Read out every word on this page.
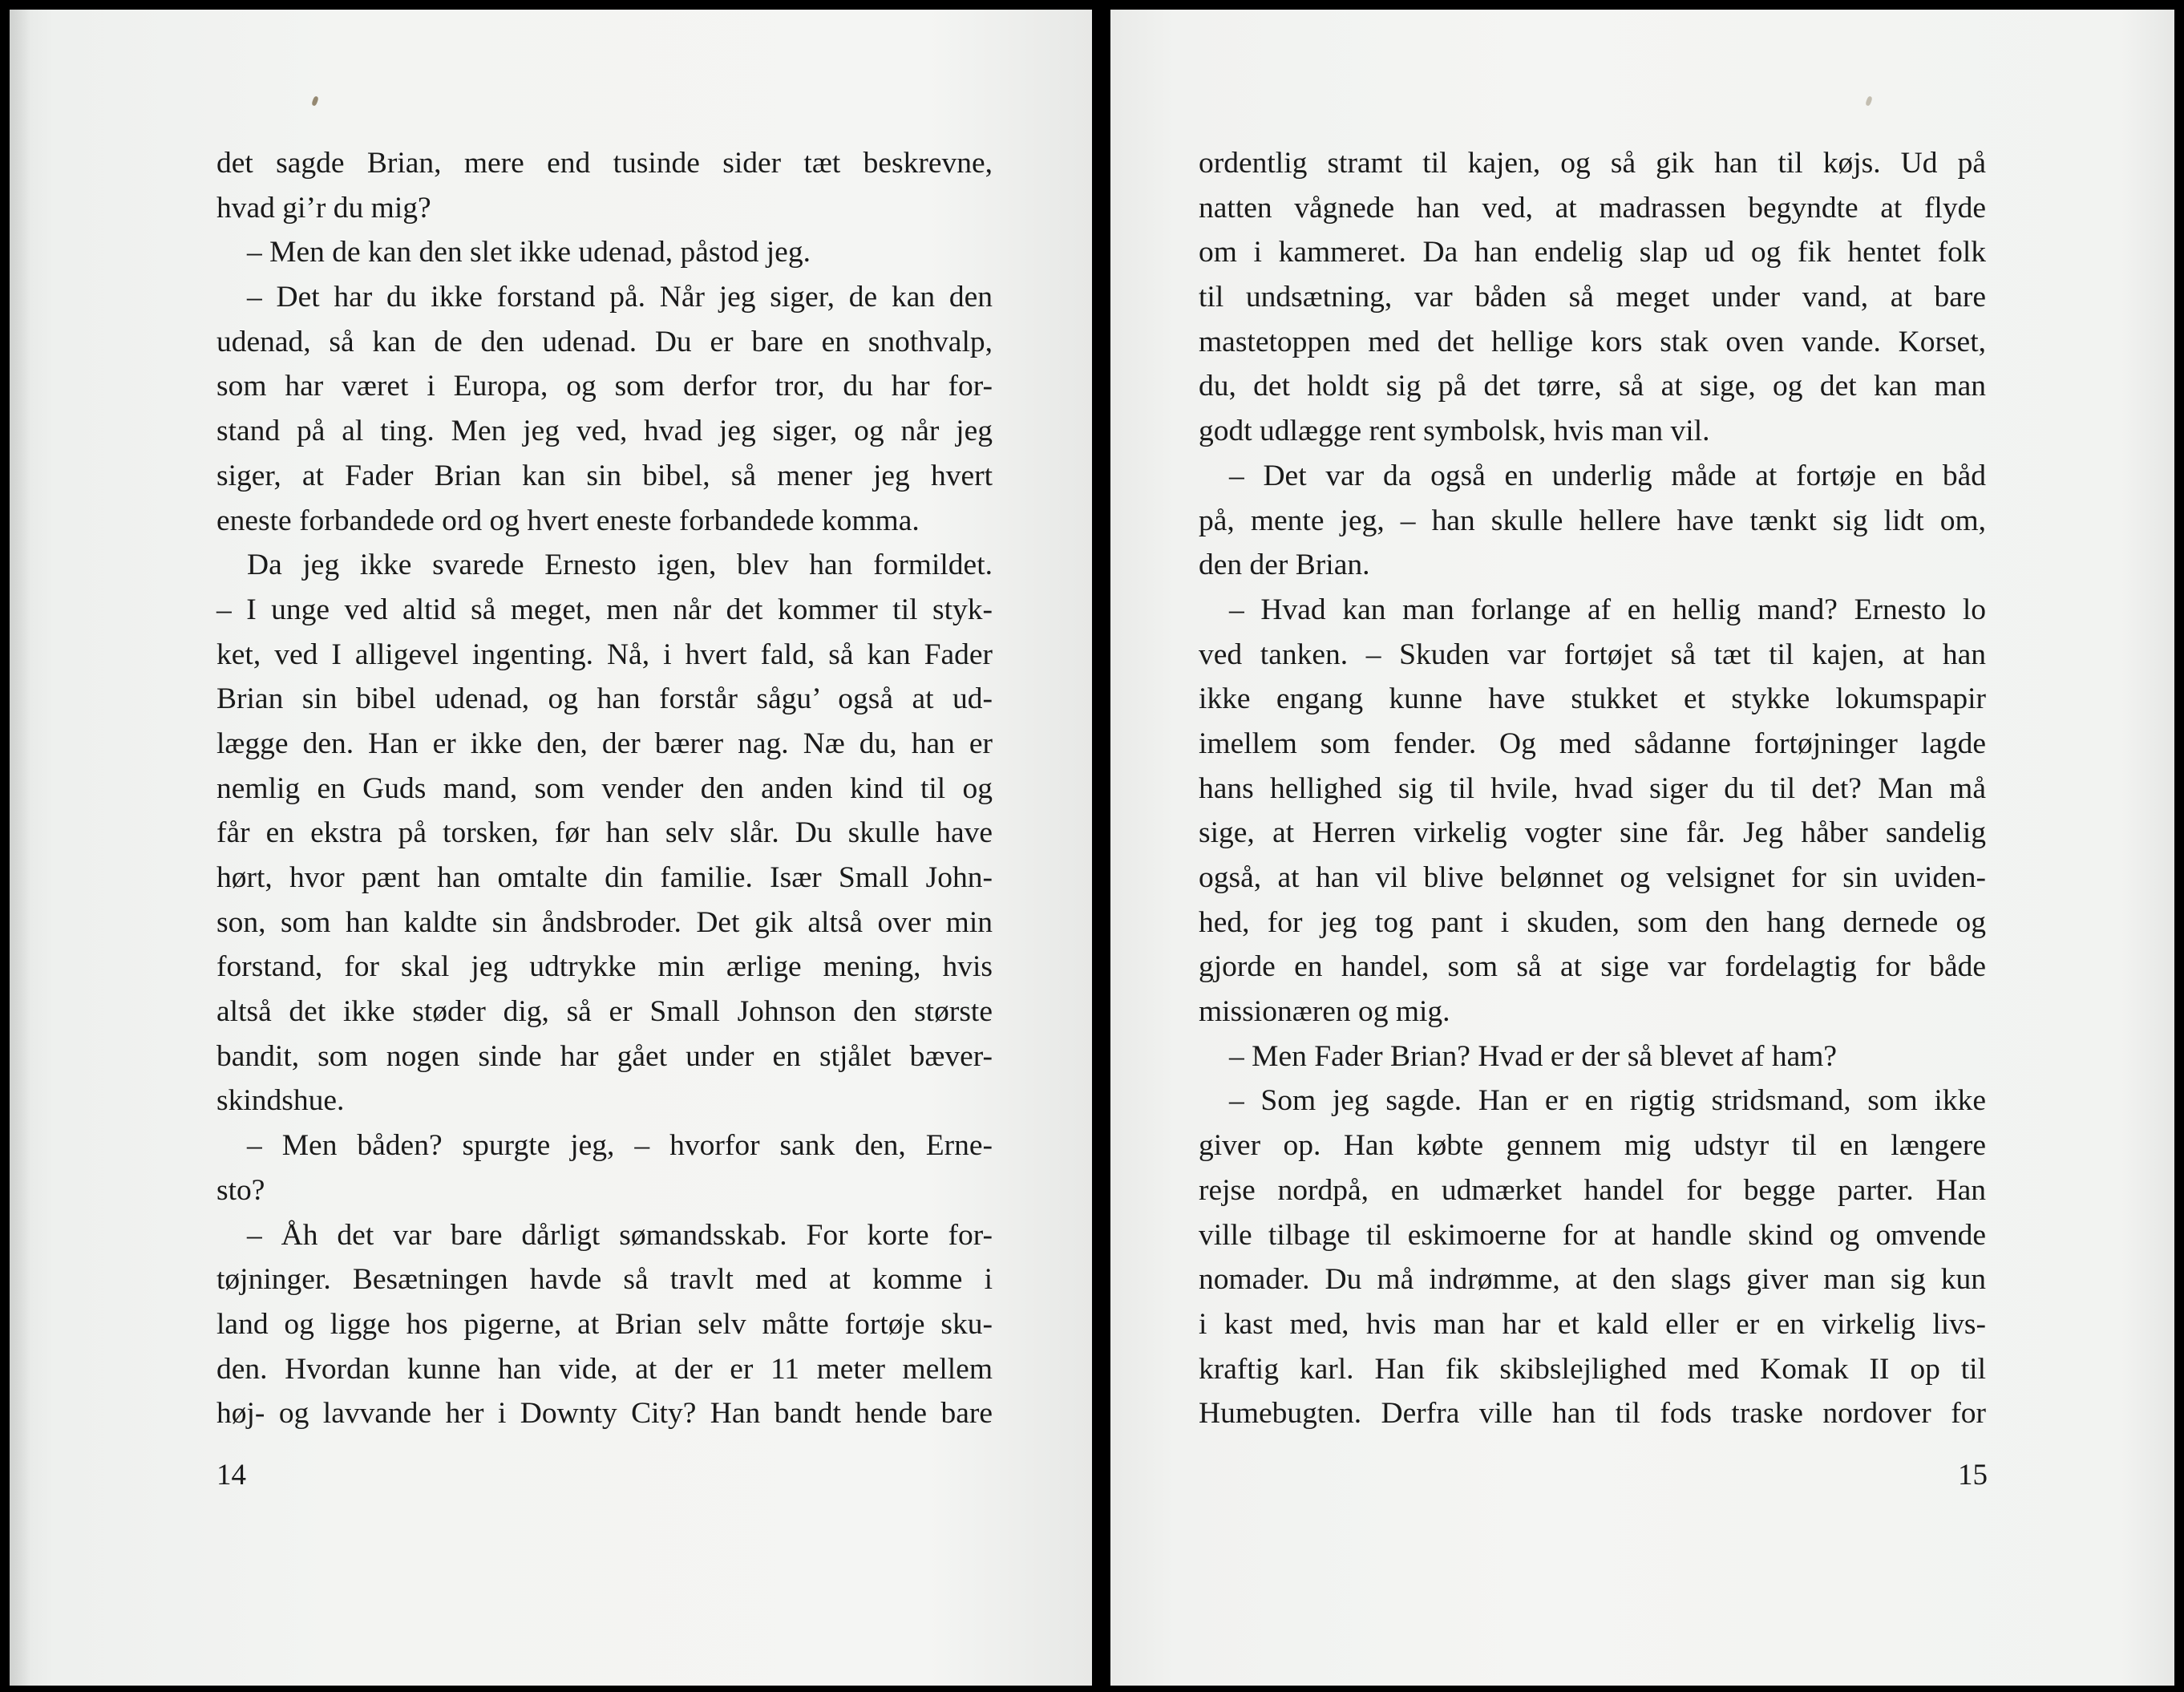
det sagde Brian, mere end tusinde sider tæt beskrevne,
hvad gi’r du mig?
– Men de kan den slet ikke udenad, påstod jeg.
– Det har du ikke forstand på. Når jeg siger, de kan den
udenad, så kan de den udenad. Du er bare en snothvalp,
som har været i Europa, og som derfor tror, du har for-
stand på al ting. Men jeg ved, hvad jeg siger, og når jeg
siger, at Fader Brian kan sin bibel, så mener jeg hvert
eneste forbandede ord og hvert eneste forbandede komma.
Da jeg ikke svarede Ernesto igen, blev han formildet.
– I unge ved altid så meget, men når det kommer til styk-
ket, ved I alligevel ingenting. Nå, i hvert fald, så kan Fader
Brian sin bibel udenad, og han forstår sågu’ også at ud-
lægge den. Han er ikke den, der bærer nag. Næ du, han er
nemlig en Guds mand, som vender den anden kind til og
får en ekstra på torsken, før han selv slår. Du skulle have
hørt, hvor pænt han omtalte din familie. Især Small John-
son, som han kaldte sin åndsbroder. Det gik altså over min
forstand, for skal jeg udtrykke min ærlige mening, hvis
altså det ikke støder dig, så er Small Johnson den største
bandit, som nogen sinde har gået under en stjålet bæver-
skindshue.
– Men båden? spurgte jeg, – hvorfor sank den, Erne-
sto?
– Åh det var bare dårligt sømandsskab. For korte for-
tøjninger. Besætningen havde så travlt med at komme i
land og ligge hos pigerne, at Brian selv måtte fortøje sku-
den. Hvordan kunne han vide, at der er 11 meter mellem
høj- og lavvande her i Downty City? Han bandt hende bare
14
ordentlig stramt til kajen, og så gik han til køjs. Ud på
natten vågnede han ved, at madrassen begyndte at flyde
om i kammeret. Da han endelig slap ud og fik hentet folk
til undsætning, var båden så meget under vand, at bare
mastetoppen med det hellige kors stak oven vande. Korset,
du, det holdt sig på det tørre, så at sige, og det kan man
godt udlægge rent symbolsk, hvis man vil.
– Det var da også en underlig måde at fortøje en båd
på, mente jeg, – han skulle hellere have tænkt sig lidt om,
den der Brian.
– Hvad kan man forlange af en hellig mand? Ernesto lo
ved tanken. – Skuden var fortøjet så tæt til kajen, at han
ikke engang kunne have stukket et stykke lokumspapir
imellem som fender. Og med sådanne fortøjninger lagde
hans hellighed sig til hvile, hvad siger du til det? Man må
sige, at Herren virkelig vogter sine får. Jeg håber sandelig
også, at han vil blive belønnet og velsignet for sin uviden-
hed, for jeg tog pant i skuden, som den hang dernede og
gjorde en handel, som så at sige var fordelagtig for både
missionæren og mig.
– Men Fader Brian? Hvad er der så blevet af ham?
– Som jeg sagde. Han er en rigtig stridsmand, som ikke
giver op. Han købte gennem mig udstyr til en længere
rejse nordpå, en udmærket handel for begge parter. Han
ville tilbage til eskimoerne for at handle skind og omvende
nomader. Du må indrømme, at den slags giver man sig kun
i kast med, hvis man har et kald eller er en virkelig livs-
kraftig karl. Han fik skibslejlighed med Komak II op til
Humebugten. Derfra ville han til fods traske nordover for
15
